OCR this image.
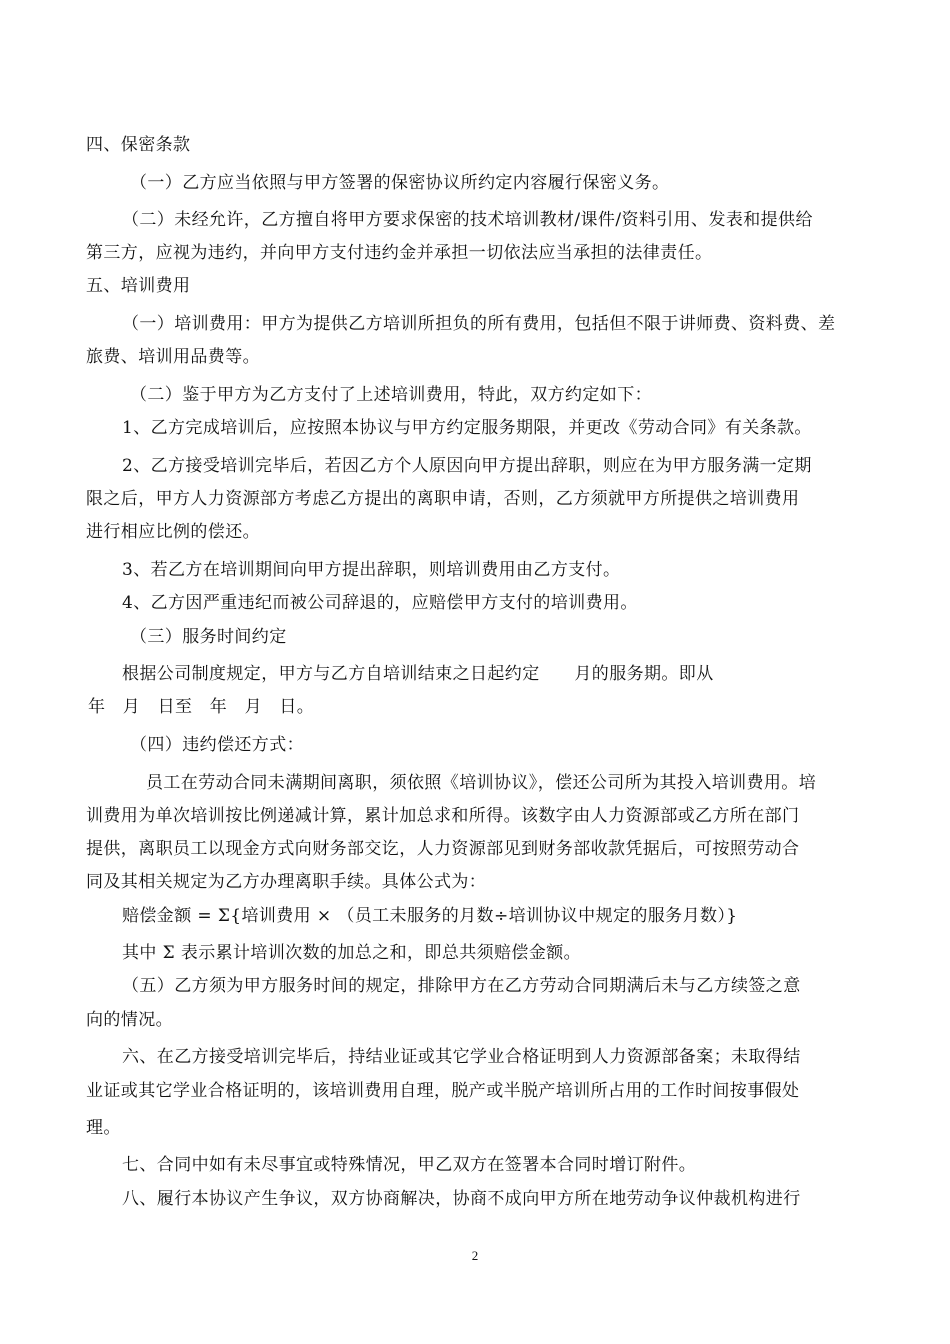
四、保密条款
（一）乙方应当依照与甲方签署的保密协议所约定内容履行保密义务。
（二）未经允许，乙方擅自将甲方要求保密的技术培训教材/课件/资料引用、发表和提供给
第三方，应视为违约，并向甲方支付违约金并承担一切依法应当承担的法律责任。
五、培训费用
（一）培训费用：甲方为提供乙方培训所担负的所有费用，包括但不限于讲师费、资料费、差
旅费、培训用品费等。
（二）鉴于甲方为乙方支付了上述培训费用，特此，双方约定如下：
1、乙方完成培训后，应按照本协议与甲方约定服务期限，并更改《劳动合同》有关条款。
2、乙方接受培训完毕后，若因乙方个人原因向甲方提出辞职，则应在为甲方服务满一定期
限之后，甲方人力资源部方考虑乙方提出的离职申请，否则，乙方须就甲方所提供之培训费用
进行相应比例的偿还。
3、若乙方在培训期间向甲方提出辞职，则培训费用由乙方支付。
4、乙方因严重违纪而被公司辞退的，应赔偿甲方支付的培训费用。
（三）服务时间约定
根据公司制度规定，甲方与乙方自培训结束之日起约定　　月的服务期。即从
年　月　日至　年　月　日。
（四）违约偿还方式：
员工在劳动合同未满期间离职，须依照《培训协议》，偿还公司所为其投入培训费用。培
训费用为单次培训按比例递减计算，累计加总求和所得。该数字由人力资源部或乙方所在部门
提供，离职员工以现金方式向财务部交讫，人力资源部见到财务部收款凭据后，可按照劳动合
同及其相关规定为乙方办理离职手续。具体公式为：
赔偿金额 = Σ{培训费用 × （员工未服务的月数÷培训协议中规定的服务月数）}
其中 Σ 表示累计培训次数的加总之和，即总共须赔偿金额。
（五）乙方须为甲方服务时间的规定，排除甲方在乙方劳动合同期满后未与乙方续签之意
向的情况。
六、在乙方接受培训完毕后，持结业证或其它学业合格证明到人力资源部备案；未取得结
业证或其它学业合格证明的，该培训费用自理，脱产或半脱产培训所占用的工作时间按事假处
理。
七、合同中如有未尽事宜或特殊情况，甲乙双方在签署本合同时增订附件。
八、履行本协议产生争议，双方协商解决，协商不成向甲方所在地劳动争议仲裁机构进行
2
